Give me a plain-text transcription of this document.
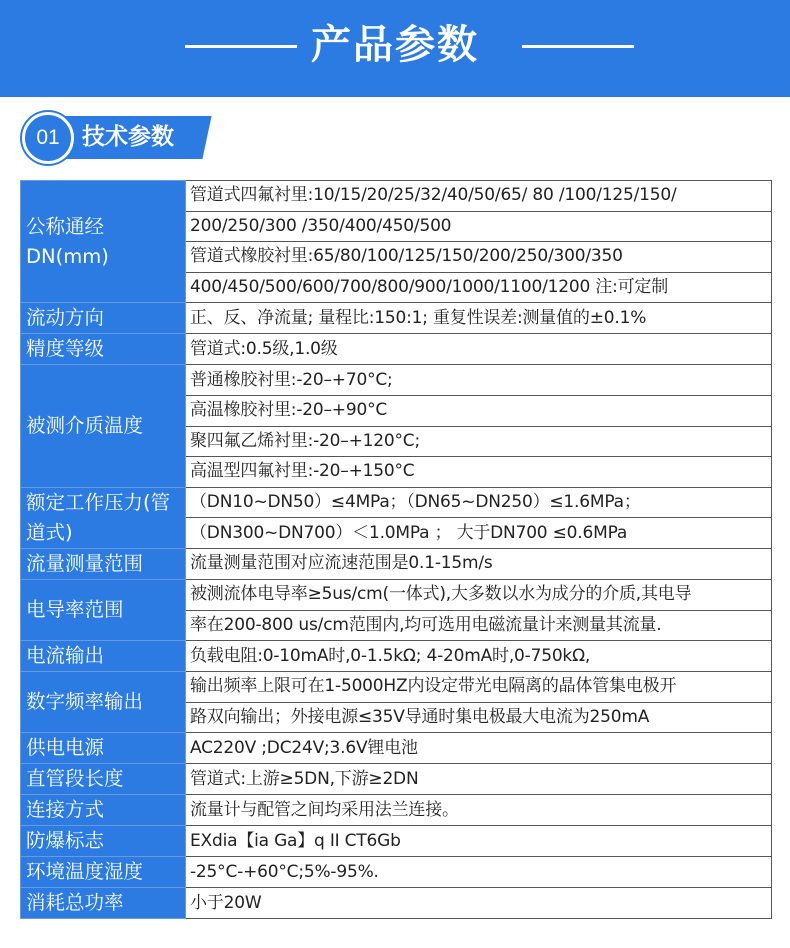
产品参数
01 技术参数
公称通经DN(mm)	管道式四氟衬里:10/15/20/25/32/40/50/65/ 80 /100/125/150/
	200/250/300 /350/400/450/500
	管道式橡胶衬里:65/80/100/125/150/200/250/300/350
	400/450/500/600/700/800/900/1000/1100/1200 注:可定制
流动方向	正、反、净流量; 量程比:150:1; 重复性误差:测量值的±0.1%
精度等级	管道式:0.5级,1.0级
被测介质温度	普通橡胶衬里:-20–+70°C;
	高温橡胶衬里:-20–+90°C
	聚四氟乙烯衬里:-20–+120°C;
	高温型四氟衬里:-20–+150°C
额定工作压力(管道式)	（DN10~DN50）≤4MPa；（DN65~DN250）≤1.6MPa；
	（DN300~DN700）＜1.0MPa ； 大于DN700 ≤0.6MPa
流量测量范围	流量测量范围对应流速范围是0.1-15m/s
电导率范围	被测流体电导率≥5us/cm(一体式),大多数以水为成分的介质,其电导
	率在200-800 us/cm范围内,均可选用电磁流量计来测量其流量.
电流输出	负载电阻:0-10mA时,0-1.5kΩ; 4-20mA时,0-750kΩ,
数字频率输出	输出频率上限可在1-5000HZ内设定带光电隔离的晶体管集电极开
	路双向输出；外接电源≤35V导通时集电极最大电流为250mA
供电电源	AC220V ;DC24V;3.6V锂电池
直管段长度	管道式:上游≥5DN,下游≥2DN
连接方式	流量计与配管之间均采用法兰连接。
防爆标志	EXdia【ia Ga】q II CT6Gb
环境温度湿度	-25°C-+60°C;5%-95%.
消耗总功率	小于20W
